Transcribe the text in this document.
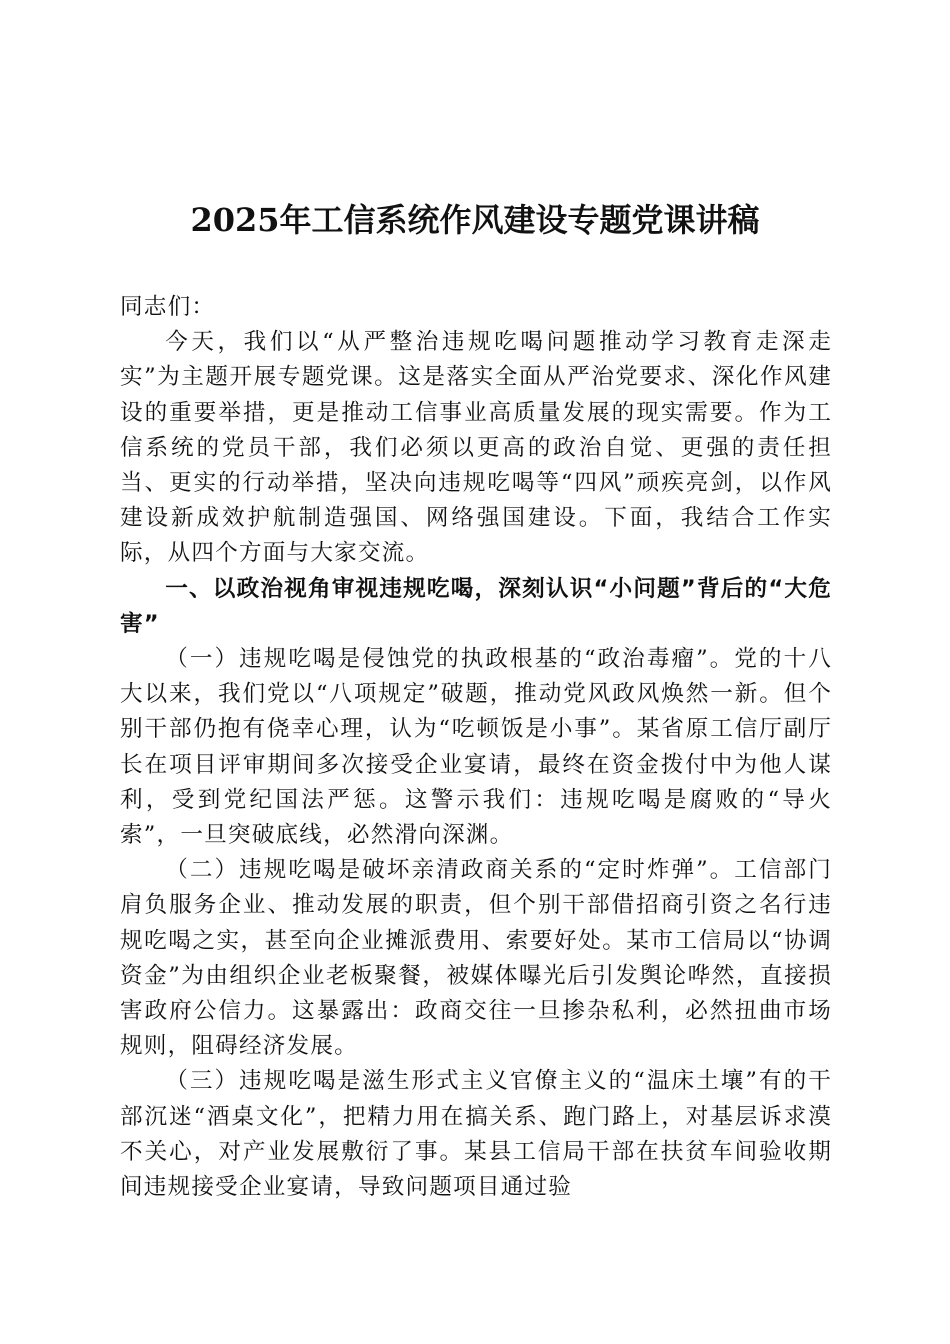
2025年工信系统作风建设专题党课讲稿

同志们：

今天，我们以“从严整治违规吃喝问题推动学习教育走深走实”为主题开展专题党课。这是落实全面从严治党要求、深化作风建设的重要举措，更是推动工信事业高质量发展的现实需要。作为工信系统的党员干部，我们必须以更高的政治自觉、更强的责任担当、更实的行动举措，坚决向违规吃喝等“四风”顽疾亮剑，以作风建设新成效护航制造强国、网络强国建设。下面，我结合工作实际，从四个方面与大家交流。

一、以政治视角审视违规吃喝，深刻认识“小问题”背后的“大危害”

（一）违规吃喝是侵蚀党的执政根基的“政治毒瘤”。党的十八大以来，我们党以“八项规定”破题，推动党风政风焕然一新。但个别干部仍抱有侥幸心理，认为“吃顿饭是小事”。某省原工信厅副厅长在项目评审期间多次接受企业宴请，最终在资金拨付中为他人谋利，受到党纪国法严惩。这警示我们：违规吃喝是腐败的“导火索”，一旦突破底线，必然滑向深渊。

（二）违规吃喝是破坏亲清政商关系的“定时炸弹”。工信部门肩负服务企业、推动发展的职责，但个别干部借招商引资之名行违规吃喝之实，甚至向企业摊派费用、索要好处。某市工信局以“协调资金”为由组织企业老板聚餐，被媒体曝光后引发舆论哗然，直接损害政府公信力。这暴露出：政商交往一旦掺杂私利，必然扭曲市场规则，阻碍经济发展。

（三）违规吃喝是滋生形式主义官僚主义的“温床土壤”有的干部沉迷“酒桌文化”，把精力用在搞关系、跑门路上，对基层诉求漠不关心，对产业发展敷衍了事。某县工信局干部在扶贫车间验收期间违规接受企业宴请，导致问题项目通过验
